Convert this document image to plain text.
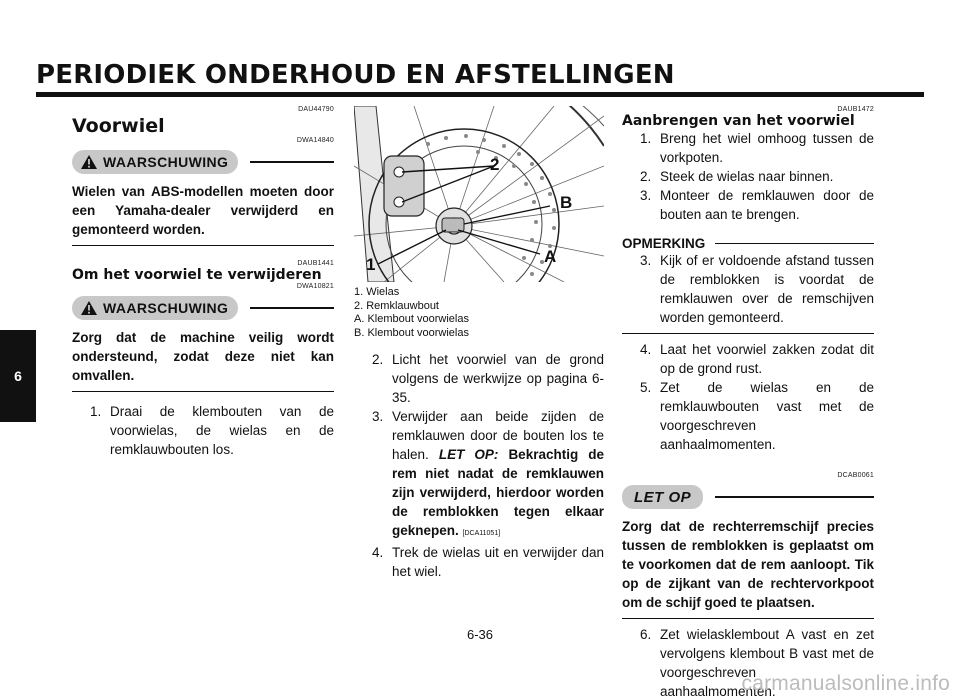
PERIODIEK ONDERHOUD EN AFSTELLINGEN
6
DAU44790
Voorwiel
DWA14840
WAARSCHUWING
Wielen van ABS-modellen moeten door een Yamaha-dealer verwijderd en gemonteerd worden.
DAUB1441
Om het voorwiel te verwijderen
DWA10821
WAARSCHUWING
Zorg dat de machine veilig wordt ondersteund, zodat deze niet kan omvallen.
1. Draai de klembouten van de voorwielas, de wielas en de remklauwbouten los.
2
B
A
1
1. Wielas
2. Remklauwbout
A. Klembout voorwielas
B. Klembout voorwielas
2. Licht het voorwiel van de grond volgens de werkwijze op pagina 6-35.
3. Verwijder aan beide zijden de remklauwen door de bouten los te halen. LET OP: Bekrachtig de rem niet nadat de remklauwen zijn verwijderd, hierdoor worden de remblokken tegen elkaar geknepen. [DCA11051]
4. Trek de wielas uit en verwijder dan het wiel.
DAUB1472
Aanbrengen van het voorwiel
1. Breng het wiel omhoog tussen de vorkpoten.
2. Steek de wielas naar binnen.
3. Monteer de remklauwen door de bouten aan te brengen.
OPMERKING
3. Kijk of er voldoende afstand tussen de remblokken is voordat de remklauwen over de remschijven worden gemonteerd.
4. Laat het voorwiel zakken zodat dit op de grond rust.
5. Zet de wielas en de remklauwbouten vast met de voorgeschreven aanhaalmomenten.
DCAB0061
LET OP
Zorg dat de rechterremschijf precies tussen de remblokken is geplaatst om te voorkomen dat de rem aanloopt. Tik op de zijkant van de rechtervorkpoot om de schijf goed te plaatsen.
6. Zet wielasklembout A vast en zet vervolgens klembout B vast met de voorgeschreven aanhaalmomenten.
6-36
carmanualsonline.info
